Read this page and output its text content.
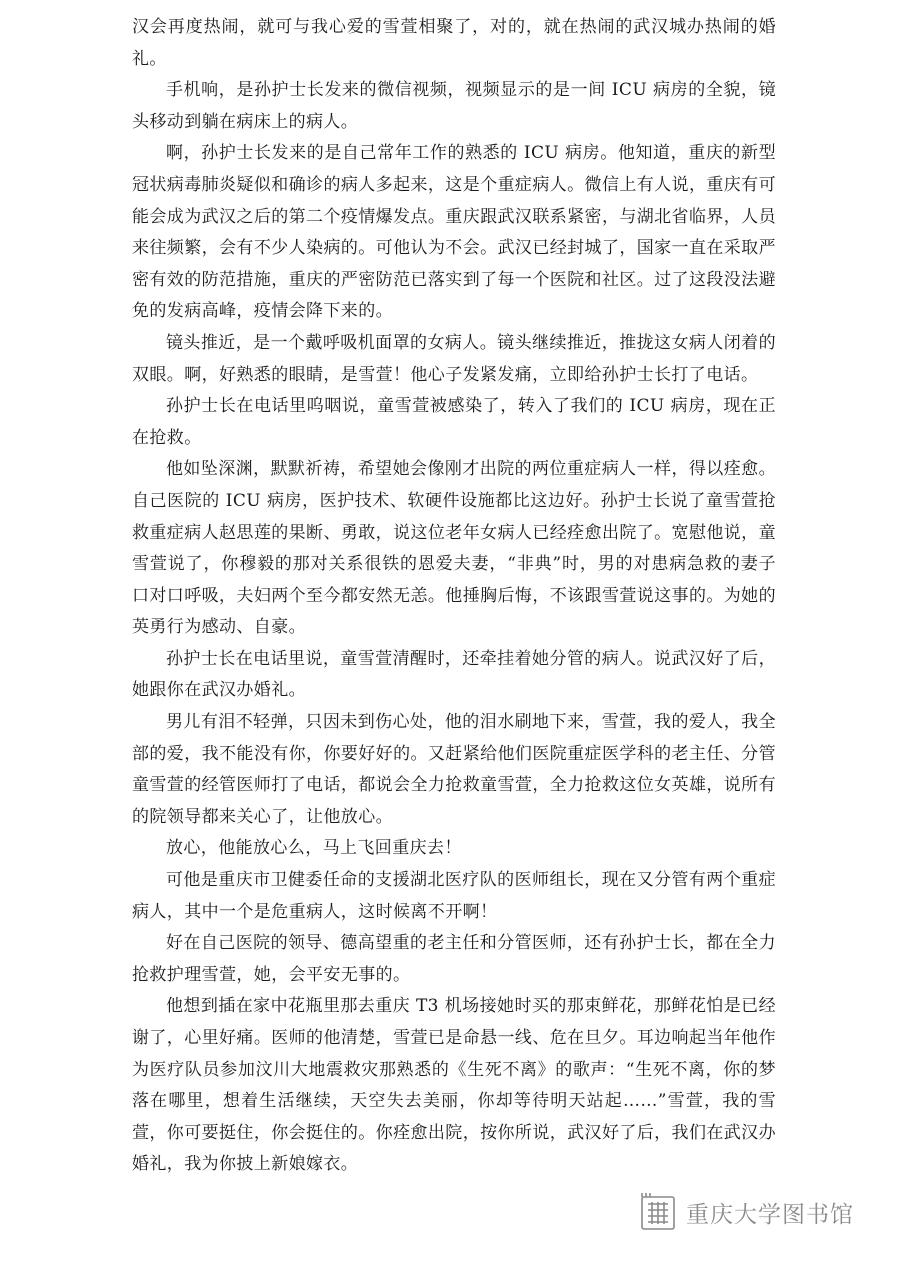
汉会再度热闹，就可与我心爱的雪萱相聚了，对的，就在热闹的武汉城办热闹的婚礼。

手机响，是孙护士长发来的微信视频，视频显示的是一间 ICU 病房的全貌，镜头移动到躺在病床上的病人。

啊，孙护士长发来的是自己常年工作的熟悉的 ICU 病房。他知道，重庆的新型冠状病毒肺炎疑似和确诊的病人多起来，这是个重症病人。微信上有人说，重庆有可能会成为武汉之后的第二个疫情爆发点。重庆跟武汉联系紧密，与湖北省临界，人员来往频繁，会有不少人染病的。可他认为不会。武汉已经封城了，国家一直在采取严密有效的防范措施，重庆的严密防范已落实到了每一个医院和社区。过了这段没法避免的发病高峰，疫情会降下来的。

镜头推近，是一个戴呼吸机面罩的女病人。镜头继续推近，推拢这女病人闭着的双眼。啊，好熟悉的眼睛，是雪萱！他心子发紧发痛，立即给孙护士长打了电话。

孙护士长在电话里呜咽说，童雪萱被感染了，转入了我们的 ICU 病房，现在正在抢救。

他如坠深渊，默默祈祷，希望她会像刚才出院的两位重症病人一样，得以痊愈。自己医院的 ICU 病房，医护技术、软硬件设施都比这边好。孙护士长说了童雪萱抢救重症病人赵思莲的果断、勇敢，说这位老年女病人已经痊愈出院了。宽慰他说，童雪萱说了，你穆毅的那对关系很铁的恩爱夫妻，“非典”时，男的对患病急救的妻子口对口呼吸，夫妇两个至今都安然无恙。他捶胸后悔，不该跟雪萱说这事的。为她的英勇行为感动、自豪。

孙护士长在电话里说，童雪萱清醒时，还牵挂着她分管的病人。说武汉好了后，她跟你在武汉办婚礼。

男儿有泪不轻弹，只因未到伤心处，他的泪水刷地下来，雪萱，我的爱人，我全部的爱，我不能没有你，你要好好的。又赶紧给他们医院重症医学科的老主任、分管童雪萱的经管医师打了电话，都说会全力抢救童雪萱，全力抢救这位女英雄，说所有的院领导都来关心了，让他放心。

放心，他能放心么，马上飞回重庆去！

可他是重庆市卫健委任命的支援湖北医疗队的医师组长，现在又分管有两个重症病人，其中一个是危重病人，这时候离不开啊！

好在自己医院的领导、德高望重的老主任和分管医师，还有孙护士长，都在全力抢救护理雪萱，她，会平安无事的。

他想到插在家中花瓶里那去重庆 T3 机场接她时买的那束鲜花，那鲜花怕是已经谢了，心里好痛。医师的他清楚，雪萱已是命悬一线、危在旦夕。耳边响起当年他作为医疗队员参加汶川大地震救灾那熟悉的《生死不离》的歌声：“生死不离，你的梦落在哪里，想着生活继续，天空失去美丽，你却等待明天站起……”雪萱，我的雪萱，你可要挺住，你会挺住的。你痊愈出院，按你所说，武汉好了后，我们在武汉办婚礼，我为你披上新娘嫁衣。

重庆大学图书馆
